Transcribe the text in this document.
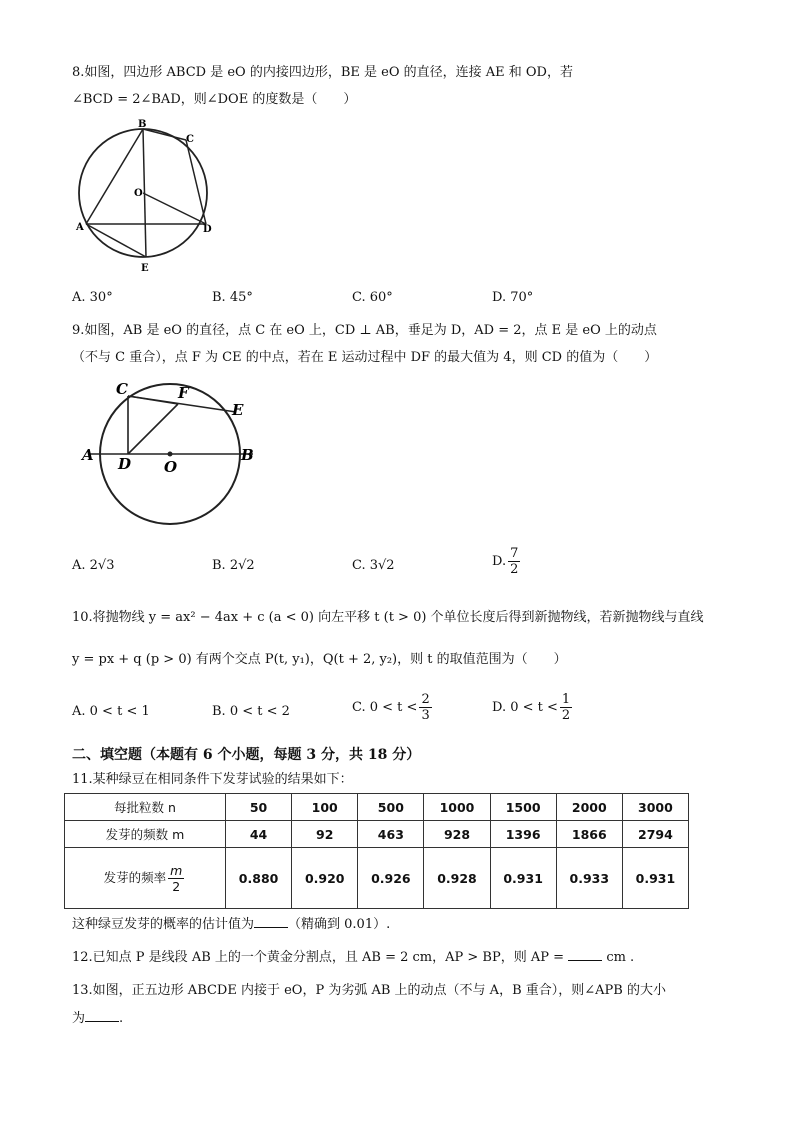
8.如图，四边形 ABCD 是 eO 的内接四边形，BE 是 eO 的直径，连接 AE 和 OD，若
∠BCD = 2∠BAD，则∠DOE 的度数是（　　）
B
C
O
A	D
E
A. 30°	B. 45°	C. 60°	D. 70°
9.如图，AB 是 eO 的直径，点 C 在 eO 上，CD ⊥ AB，垂足为 D，AD = 2，点 E 是 eO 上的动点
（不与 C 重合），点 F 为 CE 的中点，若在 E 运动过程中 DF 的最大值为 4，则 CD 的值为（　　）
C	F
E
A D O
B
A. 2√3	B. 2√2	C. 3√2	D. $\frac{7}{2}$
10.将抛物线 y = ax² − 4ax + c (a < 0) 向左平移 t (t > 0) 个单位长度后得到新抛物线，若新抛物线与直线
y = px + q (p > 0) 有两个交点 P(t, y₁)，Q(t + 2, y₂)，则 t 的取值范围为（　　）
A. 0 < t < 1	B. 0 < t < 2	C. $0 < t < \frac{2}{3}$	D. $0 < t < \frac{1}{2}$
二、填空题（本题有 6 个小题，每题 3 分，共 18 分）
11.某种绿豆在相同条件下发芽试验的结果如下：
每批粒数 n	50	100	500	1000	1500	2000	3000
发芽的频数 m	44	92	463	928	1396	1866	2794
发芽的频率 $\frac{m}{2}$	0.880	0.920	0.926	0.928	0.931	0.933	0.931
这种绿豆发芽的概率的估计值为	（精确到 0.01）.
12.已知点 P 是线段 AB 上的一个黄金分割点，且 AB = 2 cm，AP > BP，则 AP =	cm .
13.如图，正五边形 ABCDE 内接于 eO，P 为劣弧 AB 上的动点（不与 A，B 重合），则∠APB 的大小
为	.
